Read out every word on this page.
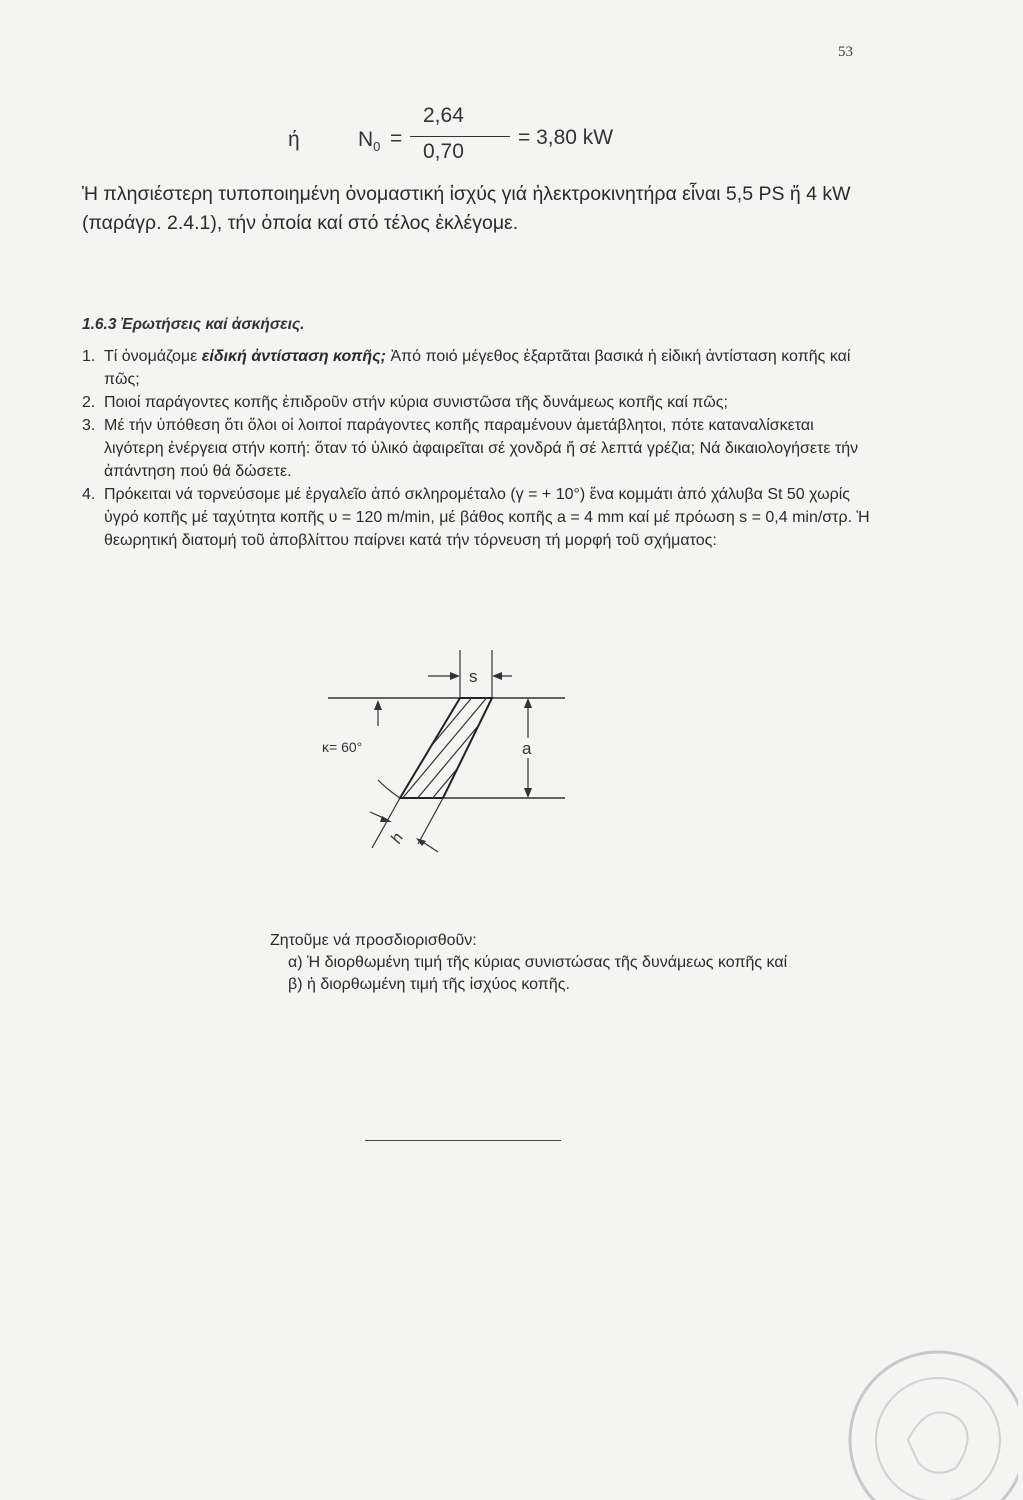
53
ή	$N_0$ =
2,64
0,70
= 3,80 kW
Ἡ πλησιέστερη τυποποιημένη ὀνομαστική ἰσχύς γιά ἠλεκτροκινητήρα εἶναι 5,5 PS ἤ 4 kW (παράγρ. 2.4.1), τήν ὁποία καί στό τέλος ἐκλέγομε.
1.6.3 Ἐρωτήσεις καί ἀσκήσεις.
1. Τί ὀνομάζομε εἰδική ἀντίσταση κοπῆς; Ἀπό ποιό μέγεθος ἐξαρτᾶται βασικά ἡ εἰδική ἀντίσταση κοπῆς καί πῶς;
2. Ποιοί παράγοντες κοπῆς ἐπιδροῦν στήν κύρια συνιστῶσα τῆς δυνάμεως κοπῆς καί πῶς;
3. Μέ τήν ὑπόθεση ὅτι ὅλοι οἱ λοιποί παράγοντες κοπῆς παραμένουν ἀμετάβλητοι, πότε καταναλίσκεται λιγότερη ἐνέργεια στήν κοπή: ὅταν τό ὑλικό ἀφαιρεῖται σέ χονδρά ἤ σέ λεπτά γρέζια; Νά δικαιολογήσετε τήν ἀπάντηση πού θά δώσετε.
4. Πρόκειται νά τορνεύσομε μέ ἐργαλεῖο ἀπό σκληρομέταλο (γ = + 10°) ἕνα κομμάτι ἀπό χάλυβα St 50 χωρίς ὑγρό κοπῆς μέ ταχύτητα κοπῆς υ = 120 m/min, μέ βάθος κοπῆς a = 4 mm καί μέ πρόωση s = 0,4 min/στρ. Ἡ θεωρητική διατομή τοῦ ἀποβλίττου παίρνει κατά τήν τόρνευση τή μορφή τοῦ σχήματος:
s
a
κ= 60°
h
Ζητοῦμε νά προσδιορισθοῦν:
α) Ἡ διορθωμένη τιμή τῆς κύριας συνιστώσας τῆς δυνάμεως κοπῆς καί
β) ἡ διορθωμένη τιμή τῆς ἰσχύος κοπῆς.
